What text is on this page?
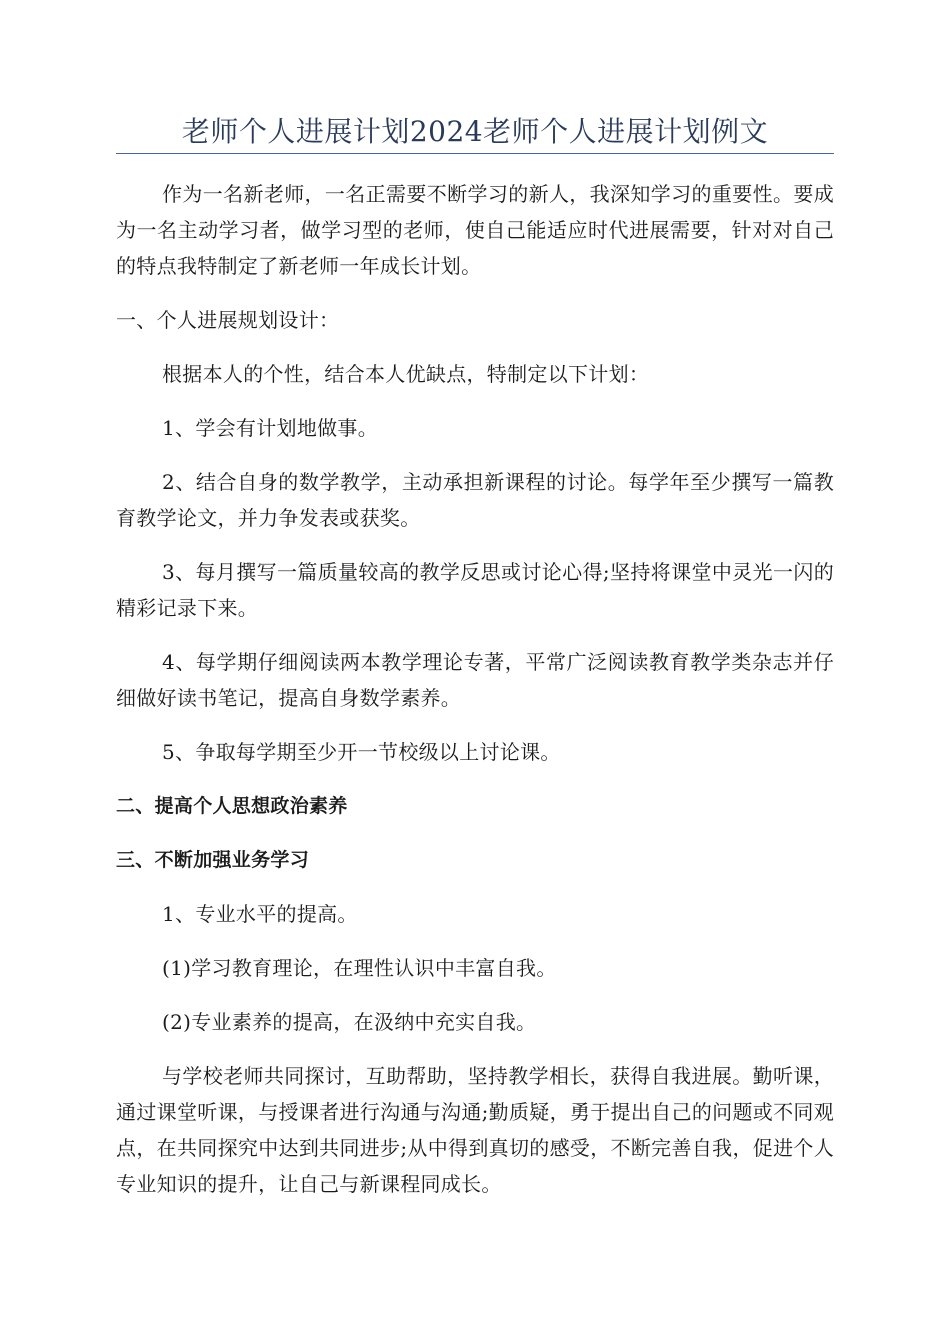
老师个人进展计划2024老师个人进展计划例文

作为一名新老师，一名正需要不断学习的新人，我深知学习的重要性。要成为一名主动学习者，做学习型的老师，使自己能适应时代进展需要，针对对自己的特点我特制定了新老师一年成长计划。

一、个人进展规划设计：

根据本人的个性，结合本人优缺点，特制定以下计划：

1、学会有计划地做事。

2、结合自身的数学教学，主动承担新课程的讨论。每学年至少撰写一篇教育教学论文，并力争发表或获奖。

3、每月撰写一篇质量较高的教学反思或讨论心得;坚持将课堂中灵光一闪的精彩记录下来。

4、每学期仔细阅读两本教学理论专著，平常广泛阅读教育教学类杂志并仔细做好读书笔记，提高自身数学素养。

5、争取每学期至少开一节校级以上讨论课。

二、提高个人思想政治素养

三、不断加强业务学习

1、专业水平的提高。

(1)学习教育理论，在理性认识中丰富自我。

(2)专业素养的提高，在汲纳中充实自我。

与学校老师共同探讨，互助帮助，坚持教学相长，获得自我进展。勤听课，通过课堂听课，与授课者进行沟通与沟通;勤质疑，勇于提出自己的问题或不同观点，在共同探究中达到共同进步;从中得到真切的感受，不断完善自我，促进个人专业知识的提升，让自己与新课程同成长。
